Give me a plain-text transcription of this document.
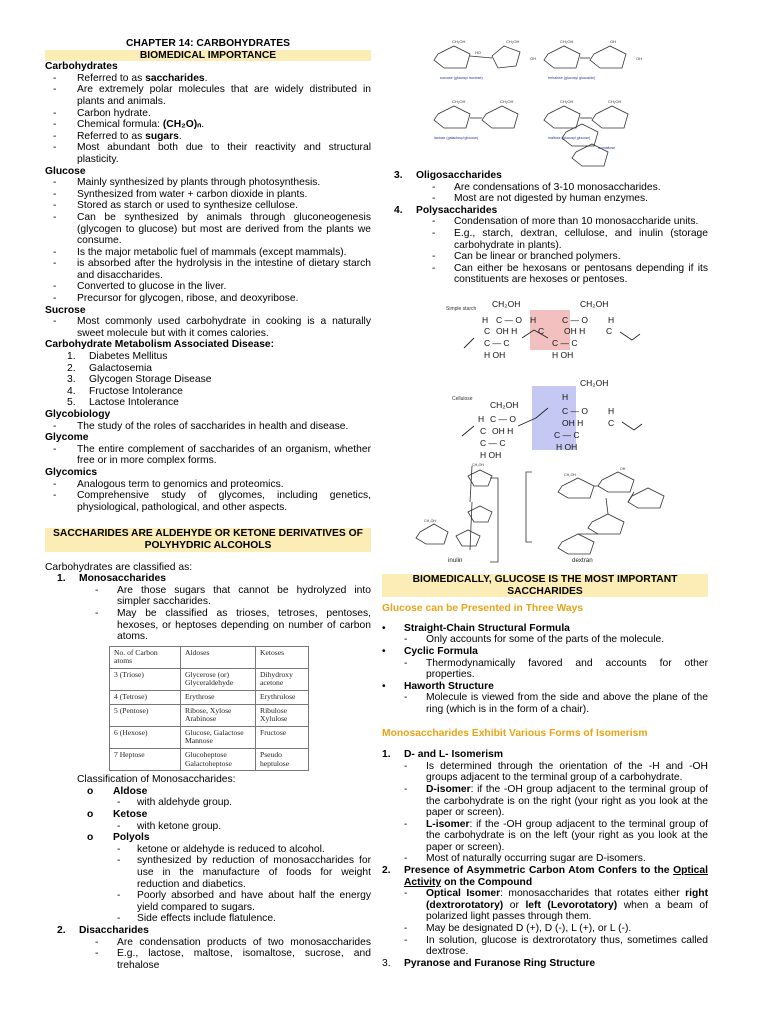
CHAPTER 14: CARBOHYDRATES
BIOMEDICAL IMPORTANCE
Carbohydrates
-	Referred to as saccharides.
-	Are extremely polar molecules that are widely distributed in plants and animals.
-	Carbon hydrate.
-	Chemical formula: (CH₂O)ₙ.
-	Referred to as sugars.
-	Most abundant both due to their reactivity and structural plasticity.
Glucose
-	Mainly synthesized by plants through photosynthesis.
-	Synthesized from water + carbon dioxide in plants.
-	Stored as starch or used to synthesize cellulose.
-	Can be synthesized by animals through gluconeogenesis (glycogen to glucose) but most are derived from the plants we consume.
-	Is the major metabolic fuel of mammals (except mammals).
-	is absorbed after the hydrolysis in the intestine of dietary starch and disaccharides.
-	Converted to glucose in the liver.
-	Precursor for glycogen, ribose, and deoxyribose.
Sucrose
-	Most commonly used carbohydrate in cooking is a naturally sweet molecule but with it comes calories.
Carbohydrate Metabolism Associated Disease:
1.	Diabetes Mellitus
2.	Galactosemia
3.	Glycogen Storage Disease
4.	Fructose Intolerance
5.	Lactose Intolerance
Glycobiology
-	The study of the roles of saccharides in health and disease.
Glycome
-	The entire complement of saccharides of an organism, whether free or in more complex forms.
Glycomics
-	Analogous term to genomics and proteomics.
-	Comprehensive study of glycomes, including genetics, physiological, pathological, and other aspects.
SACCHARIDES ARE ALDEHYDE OR KETONE DERIVATIVES OF POLYHYDRIC ALCOHOLS
Carbohydrates are classified as:
1.	Monosaccharides
-	Are those sugars that cannot be hydrolyzed into simpler saccharides.
-	May be classified as trioses, tetroses, pentoses, hexoses, or heptoses depending on number of carbon atoms.
No. of Carbon atoms	Aldoses	Ketoses
3 (Triose)	Glycerose (or) Glyceraldehyde	Dihydroxy acetone
4 (Tetrose)	Erythrose	Erythrulose
5 (Pentose)	Ribose, Xylose Arabinose	Ribulose Xylulose
6 (Hexose)	Glucose, Galactose Mannose	Fructose
7 Heptose	Glucoheptose Galactoheptose	Pseudo heptulose
Classification of Monosaccharides:
o	Aldose
-	with aldehyde group.
o	Ketose
-	with ketone group.
o	Polyols
-	ketone or aldehyde is reduced to alcohol.
-	synthesized by reduction of monosaccharides for use in the manufacture of foods for weight reduction and diabetics.
-	Poorly absorbed and have about half the energy yield compared to sugars.
-	Side effects include flatulence.
2.	Disaccharides
-	Are condensation products of two monosaccharides
-	E.g., lactose, maltose, isomaltose, sucrose, and trehalose
CH₂OH	CH₂OH	CH₂OH	OH
CH₂OH	CH₂OH	CH₂OH	CH₂OH
HO
OH	OH
sucrose (glucosyl fructose)	trehalose (glucosyl glucoside)
lactose (galactosyl glucose)	maltose (glucosyl glucose)
isomaltose
3.	Oligosaccharides
-	Are condensations of 3-10 monosaccharides.
-	Most are not digested by human enzymes.
4.	Polysaccharides
-	Condensation of more than 10 monosaccharide units.
-	E.g., starch, dextran, cellulose, and inulin (storage carbohydrate in plants).
-	Can be linear or branched polymers.
-	Can either be hexosans or pentosans depending if its constituents are hexoses or pentoses.
Simple starch
Cellulose
CH₂OH	CH₂OH
H C — O H	C — O H
C OH H C OH H C
C — C	C — C
H OH	H OH
CH₂OH
CH₂OH
H
H C — O
C — O H
C OH H
OH H	C
C — C
C — C
H OH
H OH
CH₂OH
CH₂OH
CH₂OH
OH
inulin	dextran
BIOMEDICALLY, GLUCOSE IS THE MOST IMPORTANT SACCHARIDES
Glucose can be Presented in Three Ways
•	Straight-Chain Structural Formula
-	Only accounts for some of the parts of the molecule.
•	Cyclic Formula
-	Thermodynamically favored and accounts for other properties.
•	Haworth Structure
-	Molecule is viewed from the side and above the plane of the ring (which is in the form of a chair).
Monosaccharides Exhibit Various Forms of Isomerism
1.	D- and L- Isomerism
-	Is determined through the orientation of the -H and -OH groups adjacent to the terminal group of a carbohydrate.
-	D-isomer: if the -OH group adjacent to the terminal group of the carbohydrate is on the right (your right as you look at the paper or screen).
-	L-isomer: if the -OH group adjacent to the terminal group of the carbohydrate is on the left (your right as you look at the paper or screen).
-	Most of naturally occurring sugar are D-isomers.
2.	Presence of Asymmetric Carbon Atom Confers to the Optical Activity on the Compound
-	Optical Isomer: monosaccharides that rotates either right (dextrorotatory) or left (Levorotatory) when a beam of polarized light passes through them.
-	May be designated D (+), D (-), L (+), or L (-).
-	In solution, glucose is dextrorotatory thus, sometimes called dextrose.
3.	Pyranose and Furanose Ring Structure
